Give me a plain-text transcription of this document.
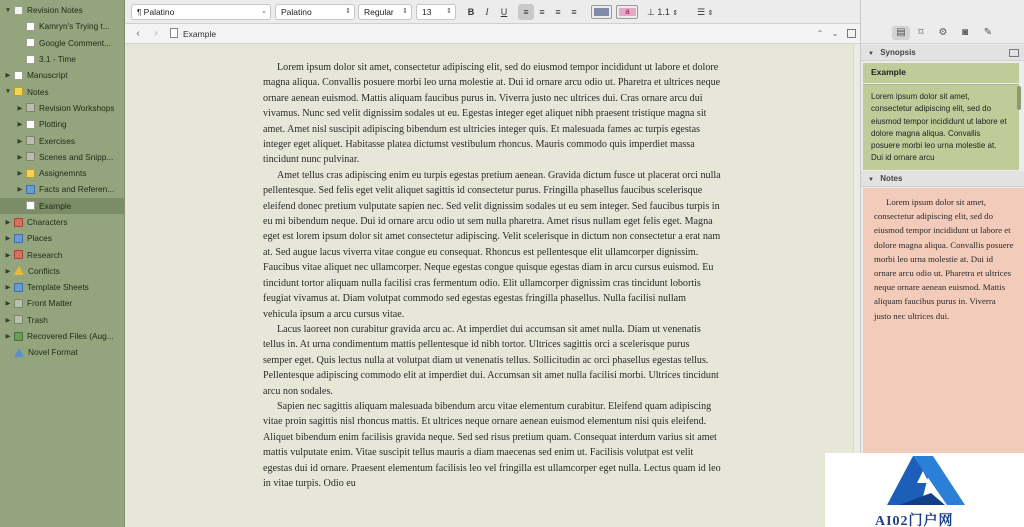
▼ Revision Notes
Kamryn's Trying t...
Google Comment...
3.1 - Time
▶ Manuscript
▼ Notes
▶ Revision Workshops
▶ Plotting
▶ Exercises
▶ Scenes and Snipp...
▶ Assignemnts
▶ Facts and Referen...
Example
▶ Characters
▶ Places
▶ Research
▶ Conflicts
▶ Template Sheets
▶ Front Matter
▶ Trash
▶ Recovered Files (Aug...
Novel Format
¶ Palatino	⌄	Palatino	⇕	Regular ⇕	13 ⇕	B	I	U	≡	≡	≡	≡	a	⊥ 1.1 ⇕ ☰ ⇕
‹	›	Example	⌃	⌄

Lorem ipsum dolor sit amet, consectetur adipiscing elit, sed do eiusmod tempor incididunt ut labore et dolore magna aliqua. Convallis posuere morbi leo urna molestie at. Dui id ornare arcu odio ut. Pharetra et ultrices neque ornare aenean euismod. Mattis aliquam faucibus purus in. Viverra justo nec ultrices dui. Cras ornare arcu dui vivamus. Nunc sed velit dignissim sodales ut eu. Egestas integer eget aliquet nibh praesent tristique magna sit amet. Amet nisl suscipit adipiscing bibendum est ultricies integer quis. Et malesuada fames ac turpis egestas integer eget aliquet. Habitasse platea dictumst vestibulum rhoncus. Mauris commodo quis imperdiet massa tincidunt nunc pulvinar.

Amet tellus cras adipiscing enim eu turpis egestas pretium aenean. Gravida dictum fusce ut placerat orci nulla pellentesque. Sed felis eget velit aliquet sagittis id consectetur purus. Fringilla phasellus faucibus scelerisque eleifend donec pretium vulputate sapien nec. Sed velit dignissim sodales ut eu sem integer. Sed faucibus turpis in eu mi bibendum neque. Dui id ornare arcu odio ut sem nulla pharetra. Amet risus nullam eget felis eget. Magna eget est lorem ipsum dolor sit amet consectetur adipiscing. Velit scelerisque in dictum non consectetur a erat nam at. Sed augue lacus viverra vitae congue eu consequat. Rhoncus est pellentesque elit ullamcorper dignissim. Faucibus vitae aliquet nec ullamcorper. Neque egestas congue quisque egestas diam in arcu cursus euismod. Eu tincidunt tortor aliquam nulla facilisi cras fermentum odio. Elit ullamcorper dignissim cras tincidunt lobortis feugiat vivamus at. Diam volutpat commodo sed egestas egestas fringilla phasellus. Nulla facilisi nullam vehicula ipsum a arcu cursus vitae.

Lacus laoreet non curabitur gravida arcu ac. At imperdiet dui accumsan sit amet nulla. Diam ut venenatis tellus in. At urna condimentum mattis pellentesque id nibh tortor. Ultrices sagittis orci a scelerisque purus semper eget. Quis lectus nulla at volutpat diam ut venenatis tellus. Sollicitudin ac orci phasellus egestas tellus. Pellentesque adipiscing commodo elit at imperdiet dui. Accumsan sit amet nulla facilisi morbi. Ultrices tincidunt arcu non sodales.

Sapien nec sagittis aliquam malesuada bibendum arcu vitae elementum curabitur. Eleifend quam adipiscing vitae proin sagittis nisl rhoncus mattis. Et ultrices neque ornare aenean euismod elementum nisi quis eleifend. Aliquet bibendum enim facilisis gravida neque. Sed sed risus pretium quam. Consequat interdum varius sit amet mattis vulputate enim. Vitae suscipit tellus mauris a diam maecenas sed enim ut. Facilisis volutpat est velit egestas dui id ornare. Praesent elementum facilisis leo vel fringilla est ullamcorper eget nulla. Lectus quam id leo in vitae turpis. Odio eu

▤	⌑	⚙	◙	✎
▼ Synopsis
Example
Lorem ipsum dolor sit amet, consectetur adipiscing elit, sed do eiusmod tempor incididunt ut labore et dolore magna aliqua. Convallis posuere morbi leo urna molestie at. Dui id ornare arcu
▼ Notes
Lorem ipsum dolor sit amet, consectetur adipiscing elit, sed do eiusmod tempor incididunt ut labore et dolore magna aliqua. Convallis posuere morbi leo urna molestie at. Dui id ornare arcu odio ut. Pharetra et ultrices neque ornare aenean euismod. Mattis aliquam faucibus purus in. Viverra justo nec ultrices dui.
AI02门户网
